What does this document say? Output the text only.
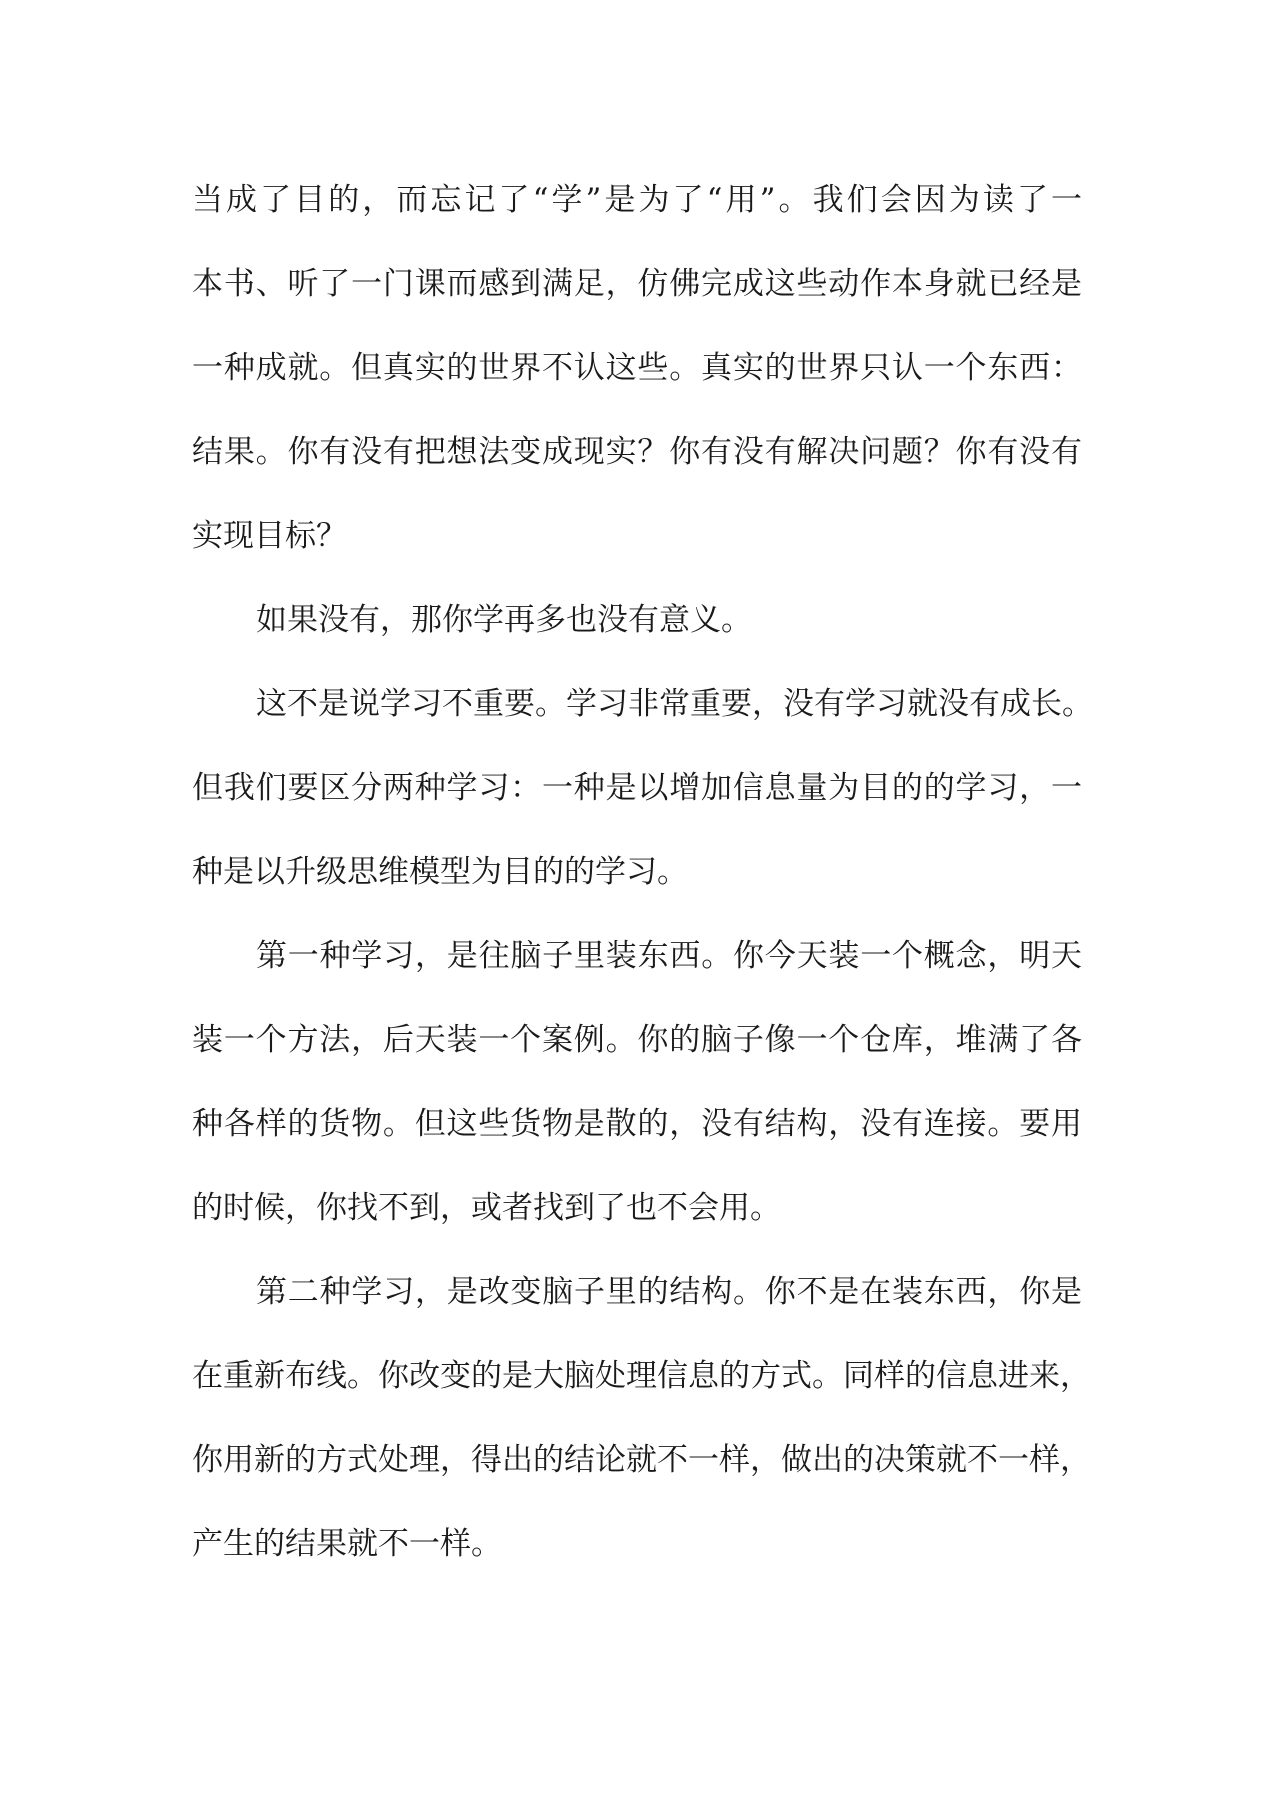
当成了目的，而忘记了“学”是为了“用”。我们会因为读了一
本书、听了一门课而感到满足，仿佛完成这些动作本身就已经是
一种成就。但真实的世界不认这些。真实的世界只认一个东西：
结果。你有没有把想法变成现实？你有没有解决问题？你有没有
实现目标？
如果没有，那你学再多也没有意义。
这不是说学习不重要。学习非常重要，没有学习就没有成长。
但我们要区分两种学习：一种是以增加信息量为目的的学习，一
种是以升级思维模型为目的的学习。
第一种学习，是往脑子里装东西。你今天装一个概念，明天
装一个方法，后天装一个案例。你的脑子像一个仓库，堆满了各
种各样的货物。但这些货物是散的，没有结构，没有连接。要用
的时候，你找不到，或者找到了也不会用。
第二种学习，是改变脑子里的结构。你不是在装东西，你是
在重新布线。你改变的是大脑处理信息的方式。同样的信息进来，
你用新的方式处理，得出的结论就不一样，做出的决策就不一样，
产生的结果就不一样。
